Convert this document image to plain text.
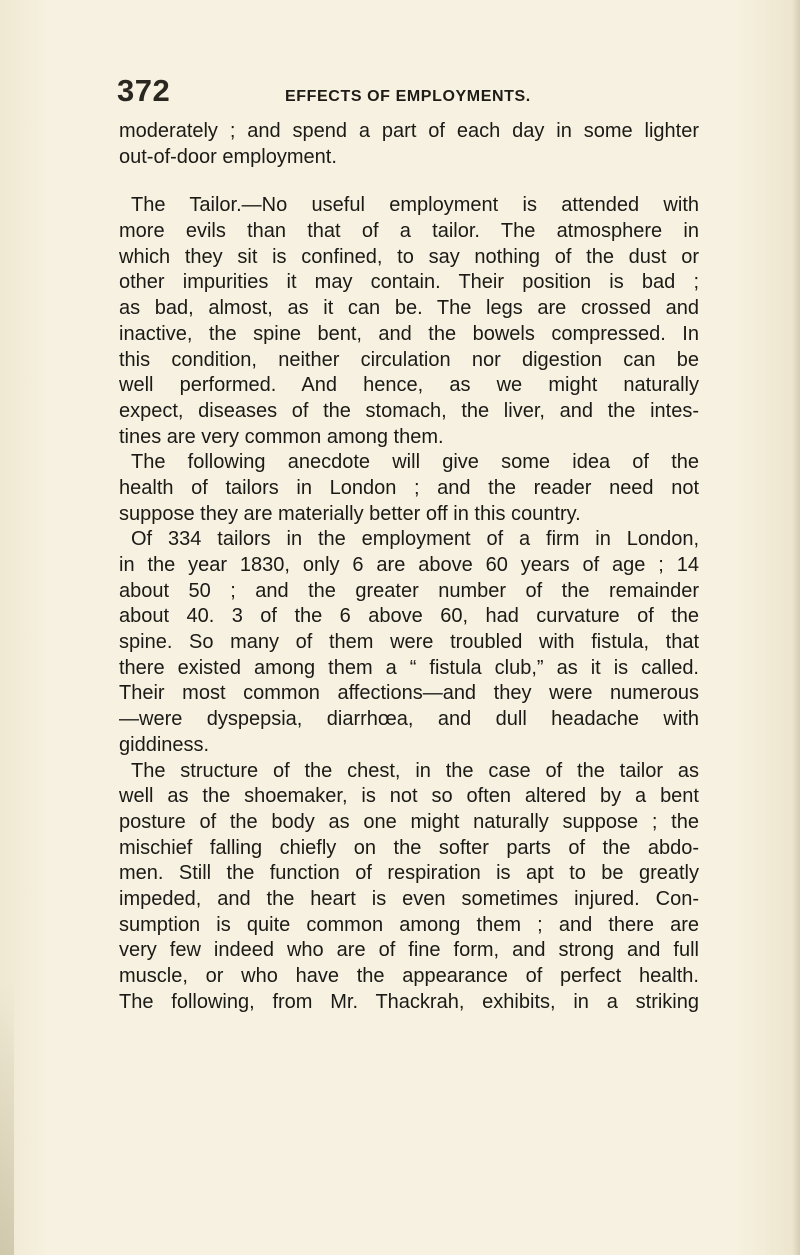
372	EFFECTS OF EMPLOYMENTS.
moderately ; and spend a part of each day in some lighter
out-of-door employment.
The Tailor.—No useful employment is attended with
more evils than that of a tailor. The atmosphere in
which they sit is confined, to say nothing of the dust or
other impurities it may contain. Their position is bad ;
as bad, almost, as it can be. The legs are crossed and
inactive, the spine bent, and the bowels compressed. In
this condition, neither circulation nor digestion can be
well performed. And hence, as we might naturally
expect, diseases of the stomach, the liver, and the intes-
tines are very common among them.
The following anecdote will give some idea of the
health of tailors in London ; and the reader need not
suppose they are materially better off in this country.
Of 334 tailors in the employment of a firm in London,
in the year 1830, only 6 are above 60 years of age ; 14
about 50 ; and the greater number of the remainder
about 40. 3 of the 6 above 60, had curvature of the
spine. So many of them were troubled with fistula, that
there existed among them a “ fistula club,” as it is called.
Their most common affections—and they were numerous
—were dyspepsia, diarrhœa, and dull headache with
giddiness.
The structure of the chest, in the case of the tailor as
well as the shoemaker, is not so often altered by a bent
posture of the body as one might naturally suppose ; the
mischief falling chiefly on the softer parts of the abdo-
men. Still the function of respiration is apt to be greatly
impeded, and the heart is even sometimes injured. Con-
sumption is quite common among them ; and there are
very few indeed who are of fine form, and strong and full
muscle, or who have the appearance of perfect health.
The following, from Mr. Thackrah, exhibits, in a striking
